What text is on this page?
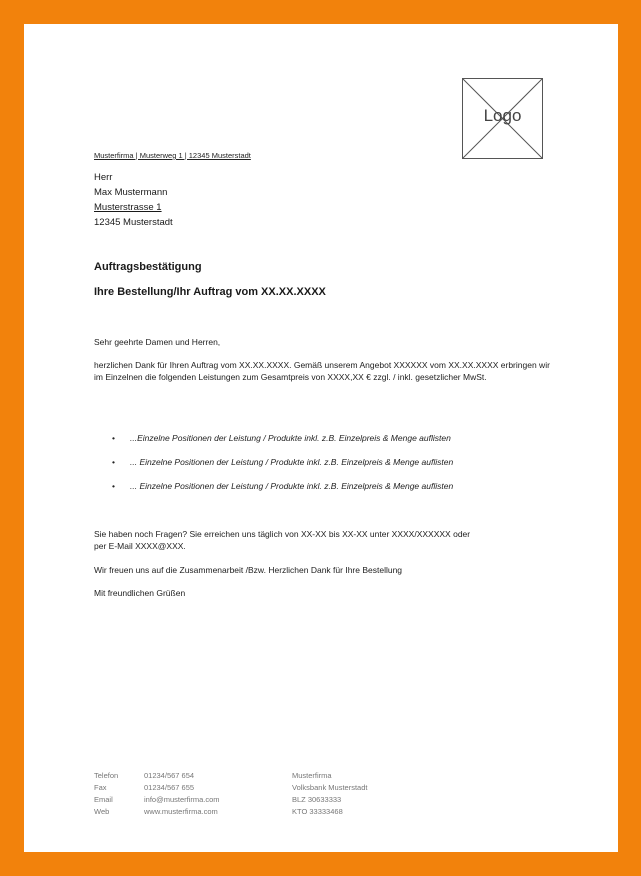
Logo
Musterfirma | Musterweg 1 | 12345 Musterstadt
Herr
Max Mustermann
Musterstrasse 1
12345 Musterstadt
Auftragsbestätigung
Ihre Bestellung/Ihr Auftrag vom XX.XX.XXXX
Sehr geehrte Damen und Herren,
herzlichen Dank für Ihren Auftrag vom XX.XX.XXXX. Gemäß unserem Angebot XXXXXX vom XX.XX.XXXX erbringen wir im Einzelnen die folgenden Leistungen zum Gesamtpreis von XXXX,XX € zzgl. / inkl. gesetzlicher MwSt.
• ...Einzelne Positionen der Leistung / Produkte inkl. z.B. Einzelpreis & Menge auflisten
• ... Einzelne Positionen der Leistung / Produkte inkl. z.B. Einzelpreis & Menge auflisten
• ... Einzelne Positionen der Leistung / Produkte inkl. z.B. Einzelpreis & Menge auflisten
Sie haben noch Fragen? Sie erreichen uns täglich von XX-XX bis XX-XX unter XXXX/XXXXXX oder
per E-Mail XXXX@XXX.
Wir freuen uns auf die Zusammenarbeit /Bzw. Herzlichen Dank für Ihre Bestellung
Mit freundlichen Grüßen
Telefon
Fax
Email
Web
01234/567 654
01234/567 655
info@musterfirma.com
www.musterfirma.com
Musterfirma
Volksbank Musterstadt
BLZ 30633333
KTO 33333468
